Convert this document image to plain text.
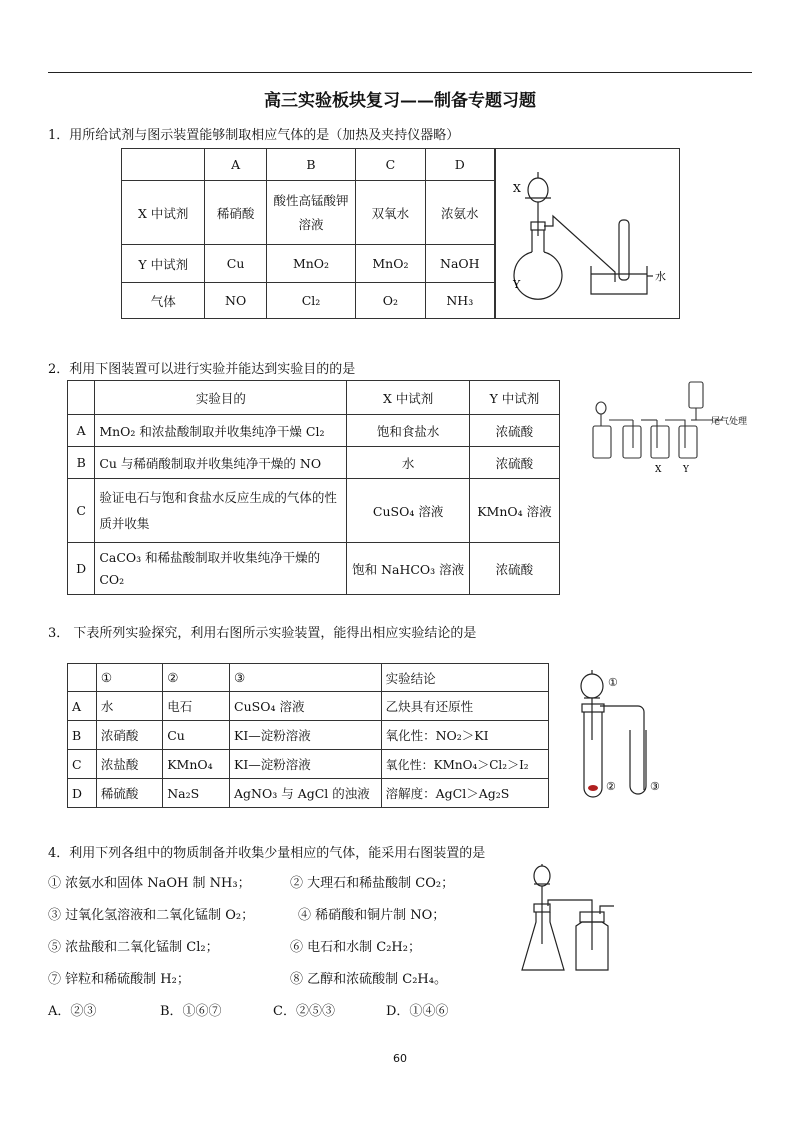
高三实验板块复习——制备专题习题
1．用所给试剂与图示装置能够制取相应气体的是（加热及夹持仪器略）
	A	B	C	D
X 中试剂	稀硝酸	酸性高锰酸钾溶液	双氧水	浓氨水
Y 中试剂	Cu	MnO₂	MnO₂	NaOH
气体	NO	Cl₂	O₂	NH₃
X
Y
水
2．利用下图装置可以进行实验并能达到实验目的的是
	实验目的	X 中试剂	Y 中试剂
A	MnO₂ 和浓盐酸制取并收集纯净干燥 Cl₂	饱和食盐水	浓硫酸
B	Cu 与稀硝酸制取并收集纯净干燥的 NO	水	浓硫酸
C	验证电石与饱和食盐水反应生成的气体的性质并收集	CuSO₄ 溶液	KMnO₄ 溶液
D	CaCO₃ 和稀盐酸制取并收集纯净干燥的 CO₂	饱和 NaHCO₃ 溶液	浓硫酸
X Y
尾气处理
3． 下表所列实验探究，利用右图所示实验装置，能得出相应实验结论的是
	①	②	③	实验结论
A	水	电石	CuSO₄ 溶液	乙炔具有还原性
B	浓硝酸	Cu	KI—淀粉溶液	氧化性：NO₂＞KI
C	浓盐酸	KMnO₄	KI—淀粉溶液	氧化性：KMnO₄＞Cl₂＞I₂
D	稀硫酸	Na₂S	AgNO₃ 与 AgCl 的浊液	溶解度：AgCl＞Ag₂S
①
②	③
4．利用下列各组中的物质制备并收集少量相应的气体，能采用右图装置的是
① 浓氨水和固体 NaOH 制 NH₃；	② 大理石和稀盐酸制 CO₂；
③ 过氧化氢溶液和二氧化锰制 O₂；	④ 稀硝酸和铜片制 NO；
⑤ 浓盐酸和二氧化锰制 Cl₂；	⑥ 电石和水制 C₂H₂；
⑦ 锌粒和稀硫酸制 H₂；	⑧ 乙醇和浓硫酸制 C₂H₄。
A．②③	B．①⑥⑦	C．②⑤③	D．①④⑥
60
